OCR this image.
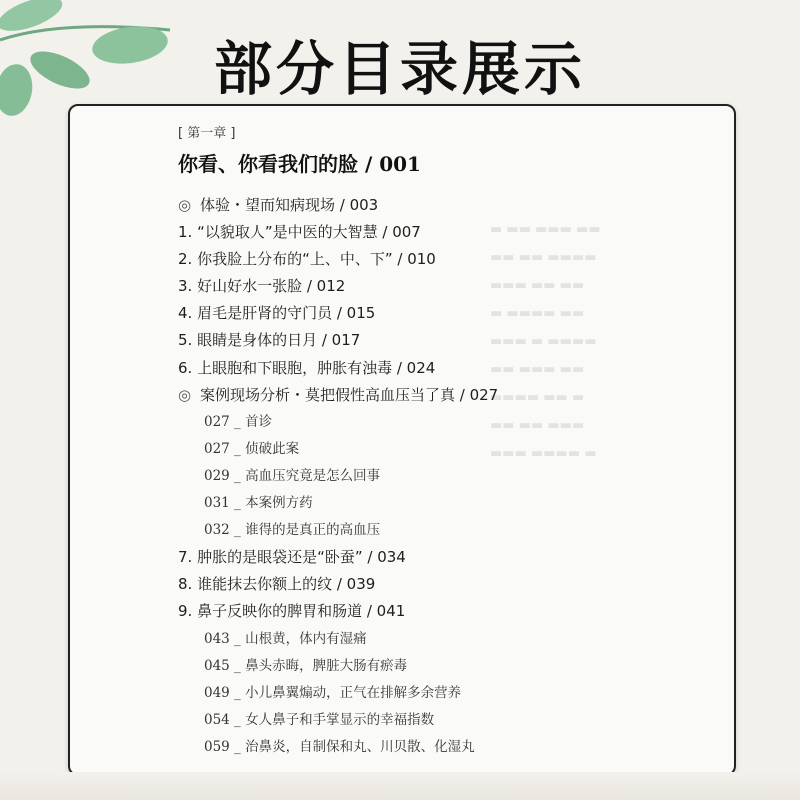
部分目录展示
▬ ▬▬ ▬▬▬ ▬▬
▬▬ ▬▬ ▬▬▬▬
▬▬▬ ▬▬ ▬▬
▬ ▬▬▬▬ ▬▬
▬▬▬ ▬ ▬▬▬▬
▬▬ ▬▬▬ ▬▬
▬▬▬▬ ▬▬ ▬
▬▬ ▬▬ ▬▬▬
▬▬▬ ▬▬▬▬ ▬
[ 第一章 ]
你看、你看我们的脸 / 001
◎ 体验・望而知病现场 / 003
1. “以貌取人”是中医的大智慧 / 007
2. 你我脸上分布的“上、中、下” / 010
3. 好山好水一张脸 / 012
4. 眉毛是肝肾的守门员 / 015
5. 眼睛是身体的日月 / 017
6. 上眼胞和下眼胞，肿胀有浊毒 / 024
◎ 案例现场分析・莫把假性高血压当了真 / 027
027 _ 首诊
027 _ 侦破此案
029 _ 高血压究竟是怎么回事
031 _ 本案例方药
032 _ 谁得的是真正的高血压
7. 肿胀的是眼袋还是“卧蚕” / 034
8. 谁能抹去你额上的纹 / 039
9. 鼻子反映你的脾胃和肠道 / 041
043 _ 山根黄，体内有湿痛
045 _ 鼻头赤晦，脾脏大肠有瘀毒
049 _ 小儿鼻翼煽动，正气在排解多余营养
054 _ 女人鼻子和手掌显示的幸福指数
059 _ 治鼻炎，自制保和丸、川贝散、化湿丸
